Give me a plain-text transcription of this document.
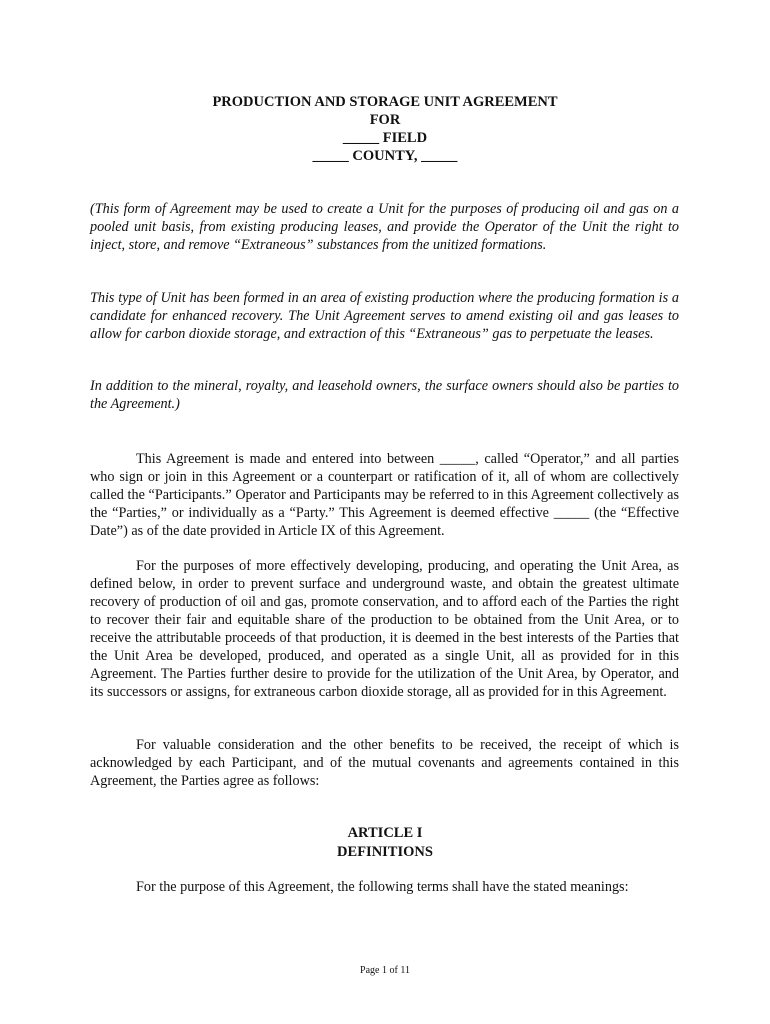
PRODUCTION AND STORAGE UNIT AGREEMENT
FOR
_____ FIELD
_____ COUNTY, _____

(This form of Agreement may be used to create a Unit for the purposes of producing oil and gas on a pooled unit basis, from existing producing leases, and provide the Operator of the Unit the right to inject, store, and remove “Extraneous” substances from the unitized formations.

This type of Unit has been formed in an area of existing production where the producing formation is a candidate for enhanced recovery. The Unit Agreement serves to amend existing oil and gas leases to allow for carbon dioxide storage, and extraction of this “Extraneous” gas to perpetuate the leases.

In addition to the mineral, royalty, and leasehold owners, the surface owners should also be parties to the Agreement.)

This Agreement is made and entered into between _____, called “Operator,” and all parties who sign or join in this Agreement or a counterpart or ratification of it, all of whom are collectively called the “Participants.” Operator and Participants may be referred to in this Agreement collectively as the “Parties,” or individually as a “Party.” This Agreement is deemed effective _____ (the “Effective Date”) as of the date provided in Article IX of this Agreement.

For the purposes of more effectively developing, producing, and operating the Unit Area, as defined below, in order to prevent surface and underground waste, and obtain the greatest ultimate recovery of production of oil and gas, promote conservation, and to afford each of the Parties the right to recover their fair and equitable share of the production to be obtained from the Unit Area, or to receive the attributable proceeds of that production, it is deemed in the best interests of the Parties that the Unit Area be developed, produced, and operated as a single Unit, all as provided for in this Agreement. The Parties further desire to provide for the utilization of the Unit Area, by Operator, and its successors or assigns, for extraneous carbon dioxide storage, all as provided for in this Agreement.

For valuable consideration and the other benefits to be received, the receipt of which is acknowledged by each Participant, and of the mutual covenants and agreements contained in this Agreement, the Parties agree as follows:

ARTICLE I
DEFINITIONS

For the purpose of this Agreement, the following terms shall have the stated meanings:

Page 1 of 11
